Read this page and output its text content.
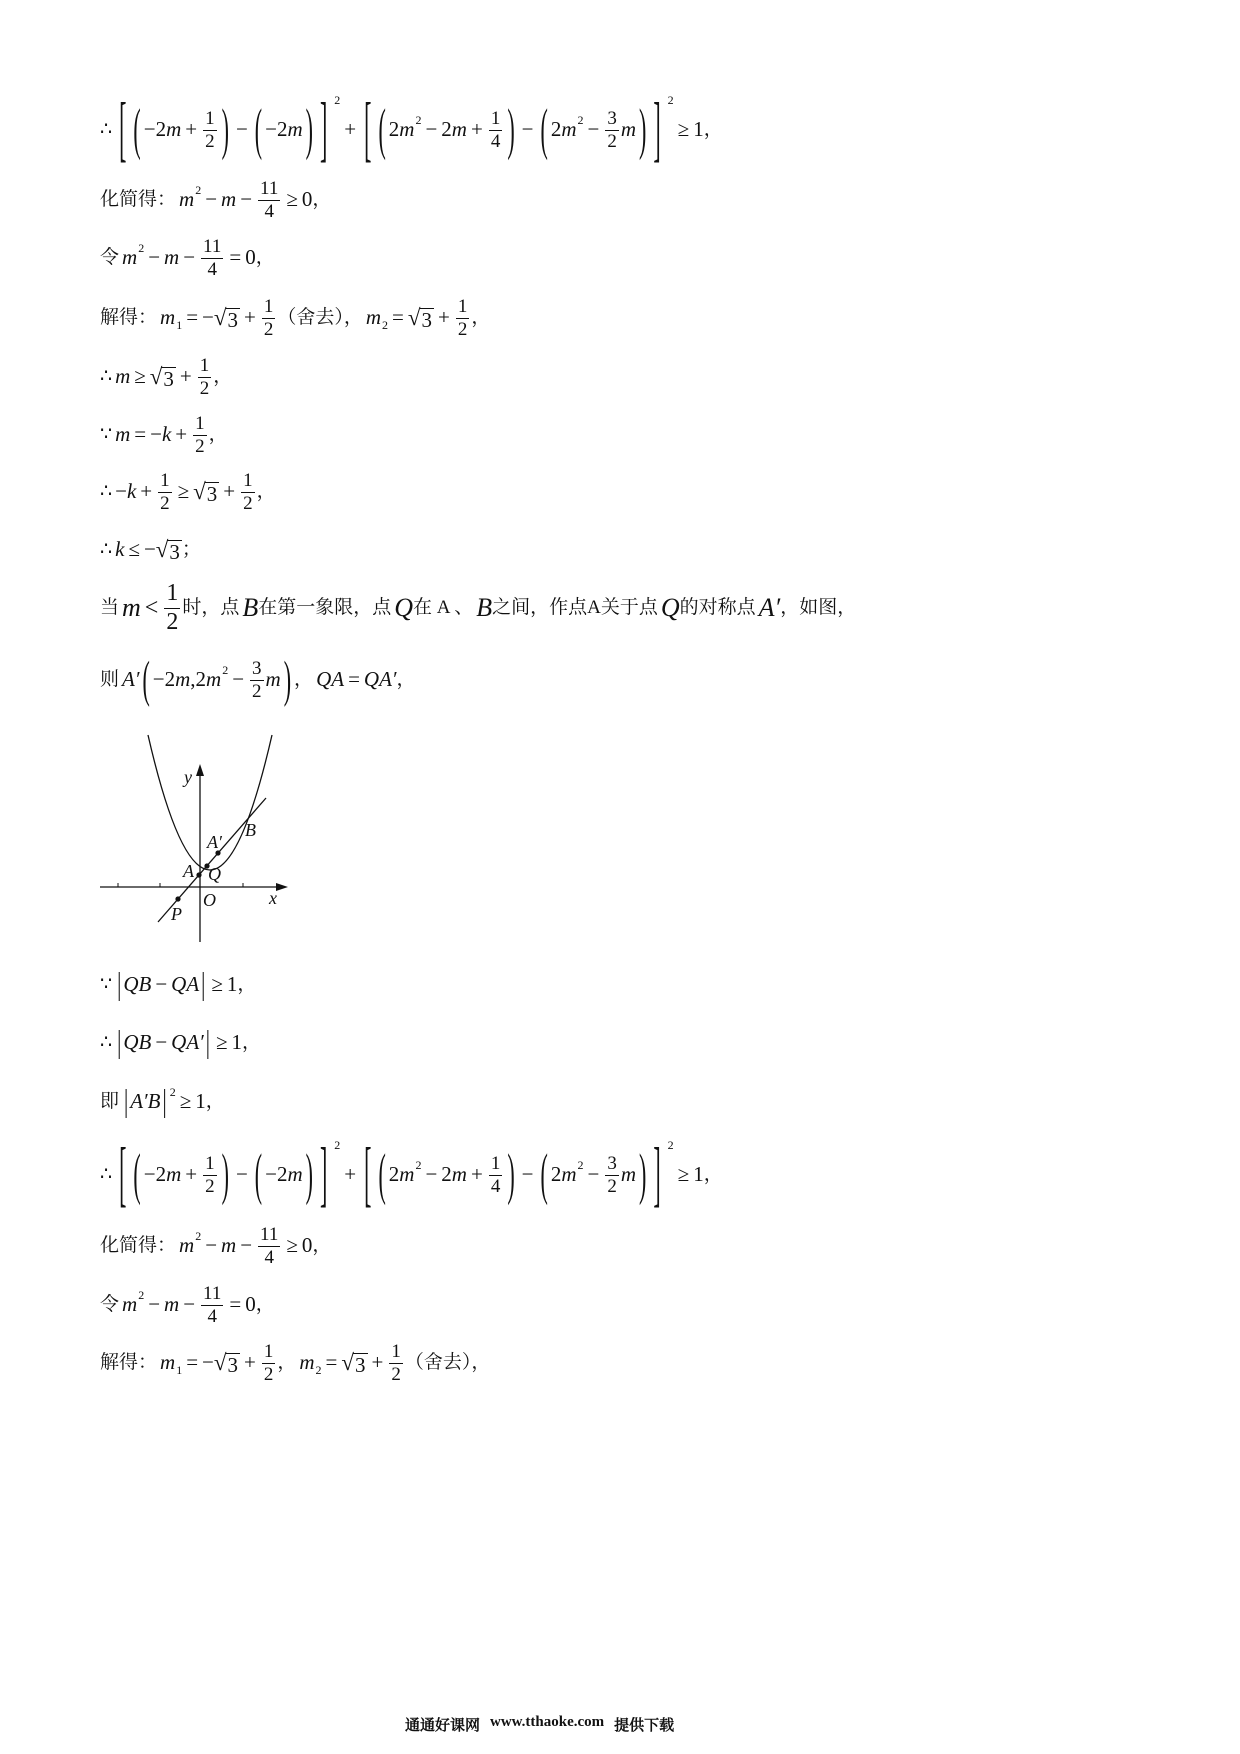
∴ [ ( −2 $m + \frac{1}{2}$ ) − ( −2 m ) ] 2
+ [ ( 2 m 2 − 2 $m + \frac{1}{4}$ ) − ( 2 m $2 - \frac{3}{2}$ m ) ] 2
≥ 1 ，
化简得： m $2 - m - \frac{11}{4} \ge 0$ ，
令 m $2 - m - \frac{11}{4} = 0$ ，
解得： m 1 = − √ $3 + \frac{1}{2}$ （舍去）， m 2 = √ $3 + \frac{1}{2}$ ，
∴ m ≥ √ $3 + \frac{1}{2}$ ，
∵ m = − $k + \frac{1}{2}$ ，
∴ − $k + \frac{1}{2}$ ≥ √ $3 + \frac{1}{2}$ ，
∴ k ≤ − √ 3 ；
当 $m < \frac{1}{2}$ 时，点 B 在第一象限，点 Q 在 A 、 B 之间，作点A关于点 Q 的对称点 A′ ，如图，
则 A′ ( −2 m , 2 m $2 - \frac{3}{2}$ m ) ， QA = QA′ ，
y
x
O
A
A′
B
Q
P
∵ | QB − QA | ≥ 1 ，
∴ | QB − QA′ | ≥ 1 ，
即 | A′B | 2 ≥ 1 ，
∴ [ ( −2 $m + \frac{1}{2}$ ) − ( −2 m ) ] 2
+ [ ( 2 m 2 − 2 $m + \frac{1}{4}$ ) − ( 2 m $2 - \frac{3}{2}$ m ) ] 2
≥ 1 ，
化简得： m $2 - m - \frac{11}{4} \ge 0$ ，
令 m $2 - m - \frac{11}{4} = 0$ ，
解得： m 1 = − √ $3 + \frac{1}{2}$ ， m 2 = √ $3 + \frac{1}{2}$ （舍去），
通通好课网 www.tthaoke.com 提供下载
